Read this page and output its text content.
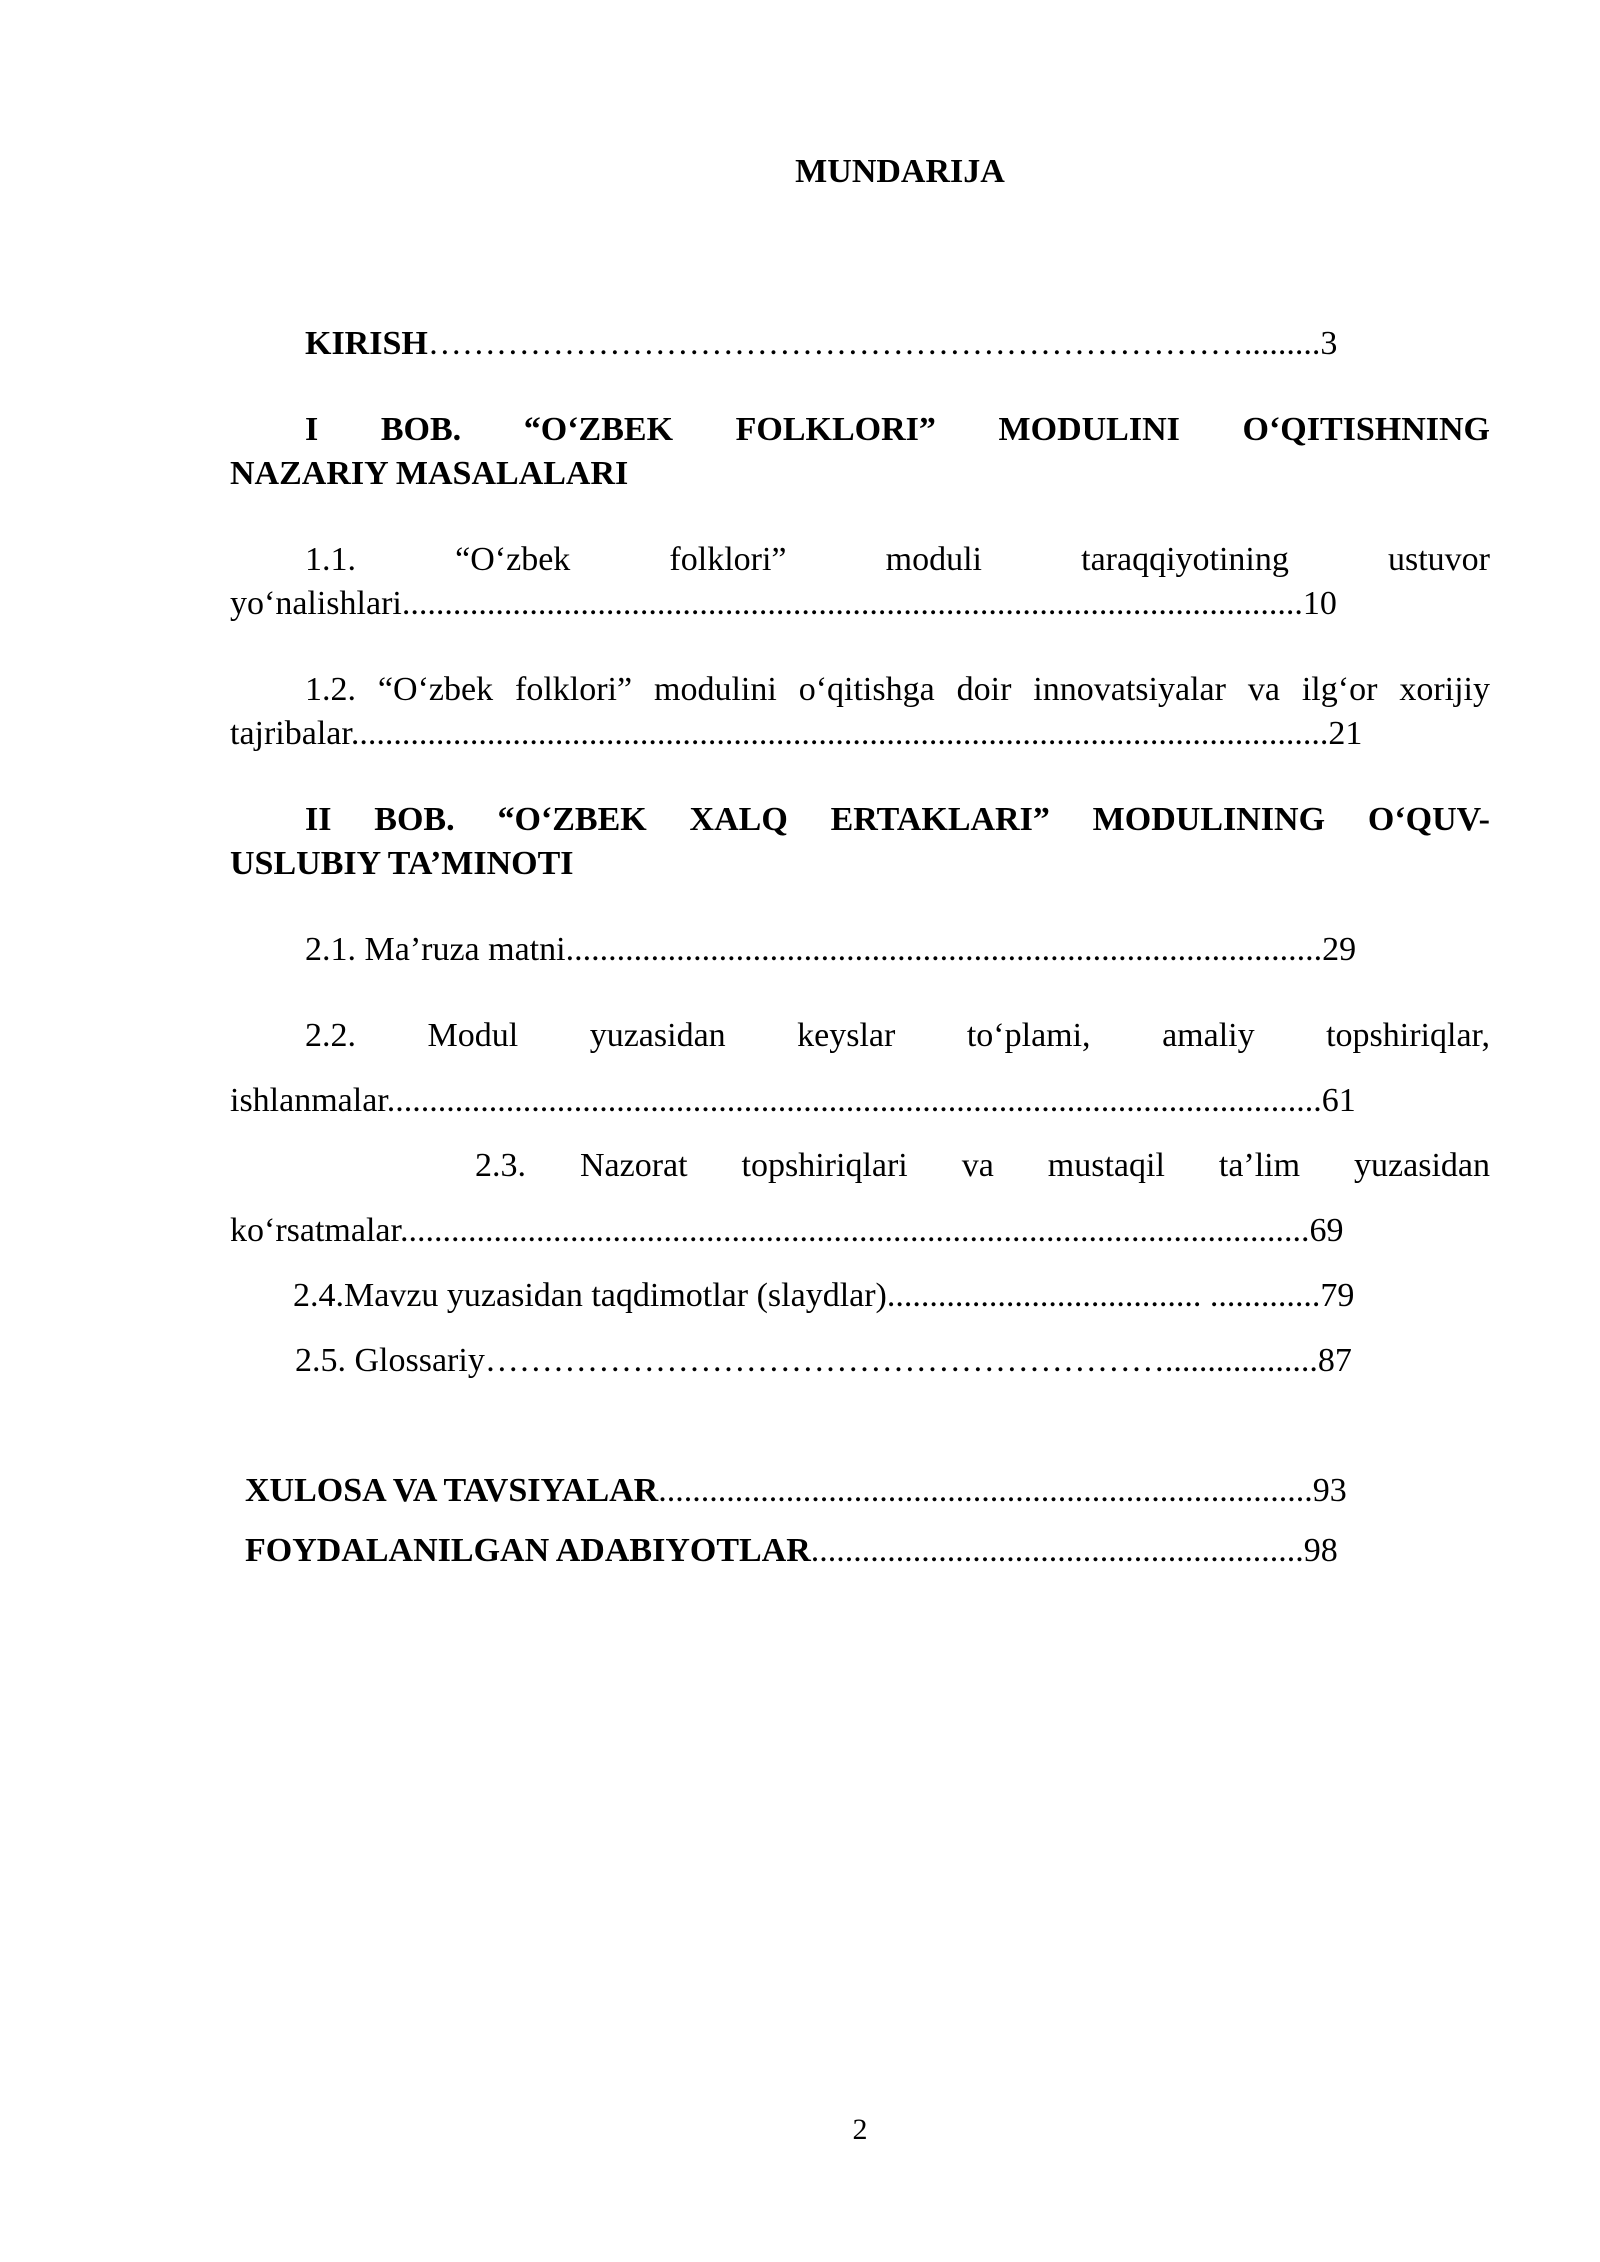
MUNDARIJA
KIRISH……………………………………………………………….........3
I BOB. “O‘ZBEK FOLKLORI” MODULINI O‘QITISHNING
NAZARIY MASALALARI
1.1. “O‘zbek folklori” moduli taraqqiyotining ustuvor
yo‘nalishlari..........................................................................................................10
1.2. “O‘zbek folklori” modulini o‘qitishga doir innovatsiyalar va ilg‘or xorijiy
tajribalar...................................................................................................................21
II BOB. “O‘ZBEK XALQ ERTAKLARI” MODULINING O‘QUV-
USLUBIY TA’MINOTI
2.1. Ma’ruza matni.........................................................................................29
2.2. Modul yuzasidan keyslar to‘plami, amaliy topshiriqlar,
ishlanmalar..............................................................................................................61
2.3. Nazorat topshiriqlari va mustaqil ta’lim yuzasidan
ko‘rsatmalar...........................................................................................................69
2.4.Mavzu yuzasidan taqdimotlar (slaydlar)..................................... .............79
2.5. Glossariy……………………………………………………..................87
XULOSA VA TAVSIYALAR.............................................................................93
FOYDALANILGAN ADABIYOTLAR..........................................................98
2
